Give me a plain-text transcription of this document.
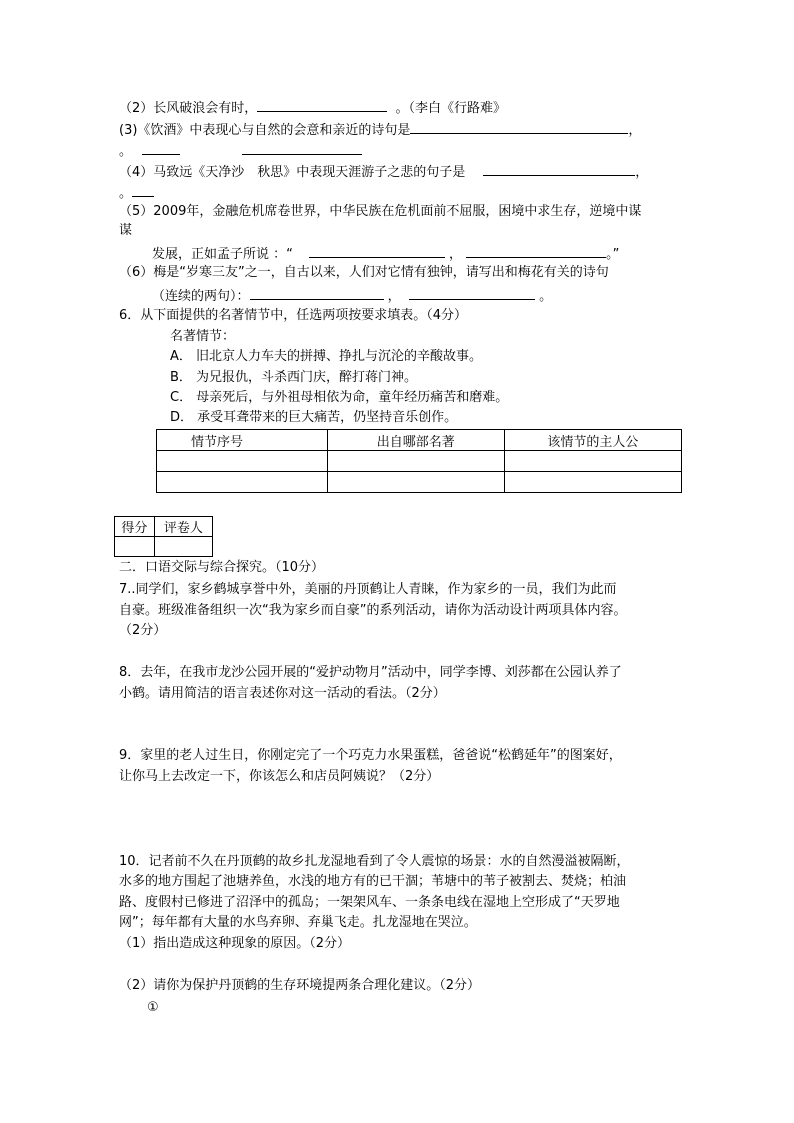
（2）长风破浪会有时，	。（李白《行路难》
(3)《饮酒》中表现心与自然的会意和亲近的诗句是	，
。
（4）马致远《天净沙　秋思》中表现天涯游子之悲的句子是	，
。
（5）2009年，金融危机席卷世界，中华民族在危机面前不屈服，困境中求生存，逆境中谋
谋
发展，正如孟子所说 ：“	，	。”
（6）梅是“岁寒三友”之一，自古以来，人们对它情有独钟，请写出和梅花有关的诗句
（连续的两句）：	，	。
6．从下面提供的名著情节中，任选两项按要求填表。（4分）
名著情节：
A． 旧北京人力车夫的拼搏、挣扎与沉沦的辛酸故事。
B． 为兄报仇，斗杀西门庆，醉打蒋门神。
C． 母亲死后，与外祖母相依为命，童年经历痛苦和磨难。
D． 承受耳聋带来的巨大痛苦，仍坚持音乐创作。
情节序号	出自哪部名著	该情节的主人公

得分	评卷人

二．口语交际与综合探究。（10分）
7..同学们，家乡鹤城享誉中外，美丽的丹顶鹤让人青睐，作为家乡的一员，我们为此而
自豪。班级准备组织一次“我为家乡而自豪”的系列活动，请你为活动设计两项具体内容。
（2分）
8．去年，在我市龙沙公园开展的“爱护动物月”活动中，同学李博、刘莎都在公园认养了
小鹤。请用简洁的语言表述你对这一活动的看法。（2分）
9．家里的老人过生日，你刚定完了一个巧克力水果蛋糕，爸爸说“松鹤延年”的图案好，
让你马上去改定一下，你该怎么和店员阿姨说？（2分）
10．记者前不久在丹顶鹤的故乡扎龙湿地看到了令人震惊的场景：水的自然漫溢被隔断，
水多的地方围起了池塘养鱼，水浅的地方有的已干涸；苇塘中的苇子被割去、焚烧；柏油
路、度假村已修进了沼泽中的孤岛；一架架风车、一条条电线在湿地上空形成了“天罗地
网”；每年都有大量的水鸟弃卵、弃巢飞走。扎龙湿地在哭泣。
（1）指出造成这种现象的原因。（2分）
（2）请你为保护丹顶鹤的生存环境提两条合理化建议。（2分）
①
